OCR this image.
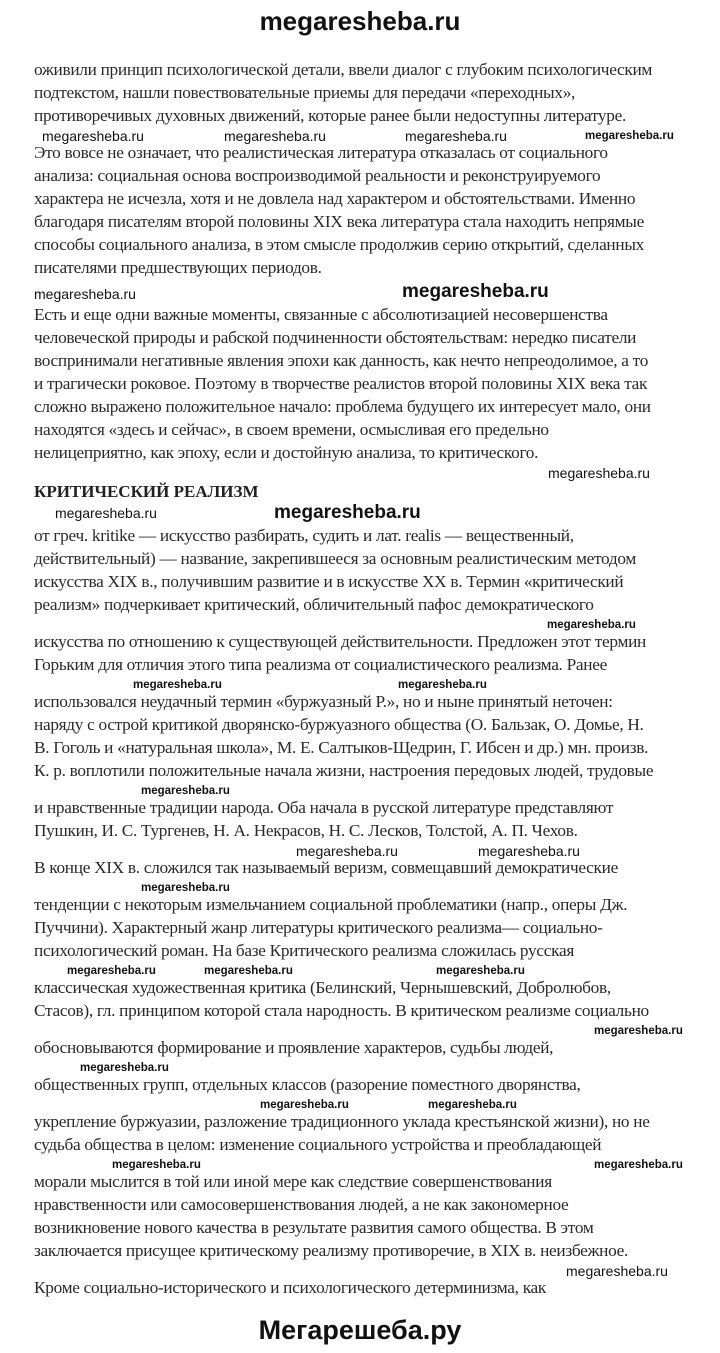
megaresheba.ru
оживили принцип психологической детали, ввели диалог с глубоким психологическим
подтекстом, нашли повествовательные приемы для передачи «переходных»,
противоречивых духовных движений, которые ранее были недоступны литературе.
megaresheba.ru	megaresheba.ru	megaresheba.ru	megaresheba.ru
Это вовсе не означает, что реалистическая литература отказалась от социального
анализа: социальная основа воспроизводимой реальности и реконструируемого
характера не исчезла, хотя и не довлела над характером и обстоятельствами. Именно
благодаря писателям второй половины XIX века литература стала находить непрямые
способы социального анализа, в этом смысле продолжив серию открытий, сделанных
писателями предшествующих периодов.
megaresheba.ru	megaresheba.ru
Есть и еще одни важные моменты, связанные с абсолютизацией несовершенства
человеческой природы и рабской подчиненности обстоятельствам: нередко писатели
воспринимали негативные явления эпохи как данность, как нечто непреодолимое, а то
и трагически роковое. Поэтому в творчестве реалистов второй половины XIX века так
сложно выражено положительное начало: проблема будущего их интересует мало, они
находятся «здесь и сейчас», в своем времени, осмысливая его предельно
нелицеприятно, как эпоху, если и достойную анализа, то критического.
megaresheba.ru
КРИТИЧЕСКИЙ РЕАЛИЗМ
megaresheba.ru	megaresheba.ru
от греч. kritike — искусство разбирать, судить и лат. realis — вещественный,
действительный) — название, закрепившееся за основным реалистическим методом
искусства XIX в., получившим развитие и в искусстве XX в. Термин «критический
реализм» подчеркивает критический, обличительный пафос демократического
megaresheba.ru
искусства по отношению к существующей действительности. Предложен этот термин
Горьким для отличия этого типа реализма от социалистического реализма. Ранее
megaresheba.ru	megaresheba.ru
использовался неудачный термин «буржуазный Р.», но и ныне принятый неточен:
наряду с острой критикой дворянско-буржуазного общества (О. Бальзак, О. Домье, Н.
В. Гоголь и «натуральная школа», М. Е. Салтыков-Щедрин, Г. Ибсен и др.) мн. произв.
К. р. воплотили положительные начала жизни, настроения передовых людей, трудовые
megaresheba.ru
и нравственные традиции народа. Оба начала в русской литературе представляют
Пушкин, И. С. Тургенев, Н. А. Некрасов, Н. С. Лесков, Толстой, А. П. Чехов.
megaresheba.ru	megaresheba.ru
В конце XIX в. сложился так называемый веризм, совмещавший демократические
megaresheba.ru
тенденции с некоторым измельчанием социальной проблематики (напр., оперы Дж.
Пуччини). Характерный жанр литературы критического реализма— социально-
психологический роман. На базе Критического реализма сложилась русская
megaresheba.ru	megaresheba.ru	megaresheba.ru
классическая художественная критика (Белинский, Чернышевский, Добролюбов,
Стасов), гл. принципом которой стала народность. В критическом реализме социально
megaresheba.ru
обосновываются формирование и проявление характеров, судьбы людей,
megaresheba.ru
общественных групп, отдельных классов (разорение поместного дворянства,
megaresheba.ru	megaresheba.ru
укрепление буржуазии, разложение традиционного уклада крестьянской жизни), но не
судьба общества в целом: изменение социального устройства и преобладающей
megaresheba.ru	megaresheba.ru
морали мыслится в той или иной мере как следствие совершенствования
нравственности или самосовершенствования людей, а не как закономерное
возникновение нового качества в результате развития самого общества. В этом
заключается присущее критическому реализму противоречие, в XIX в. неизбежное.
megaresheba.ru
Кроме социально-исторического и психологического детерминизма, как
Мегарешеба.ру
